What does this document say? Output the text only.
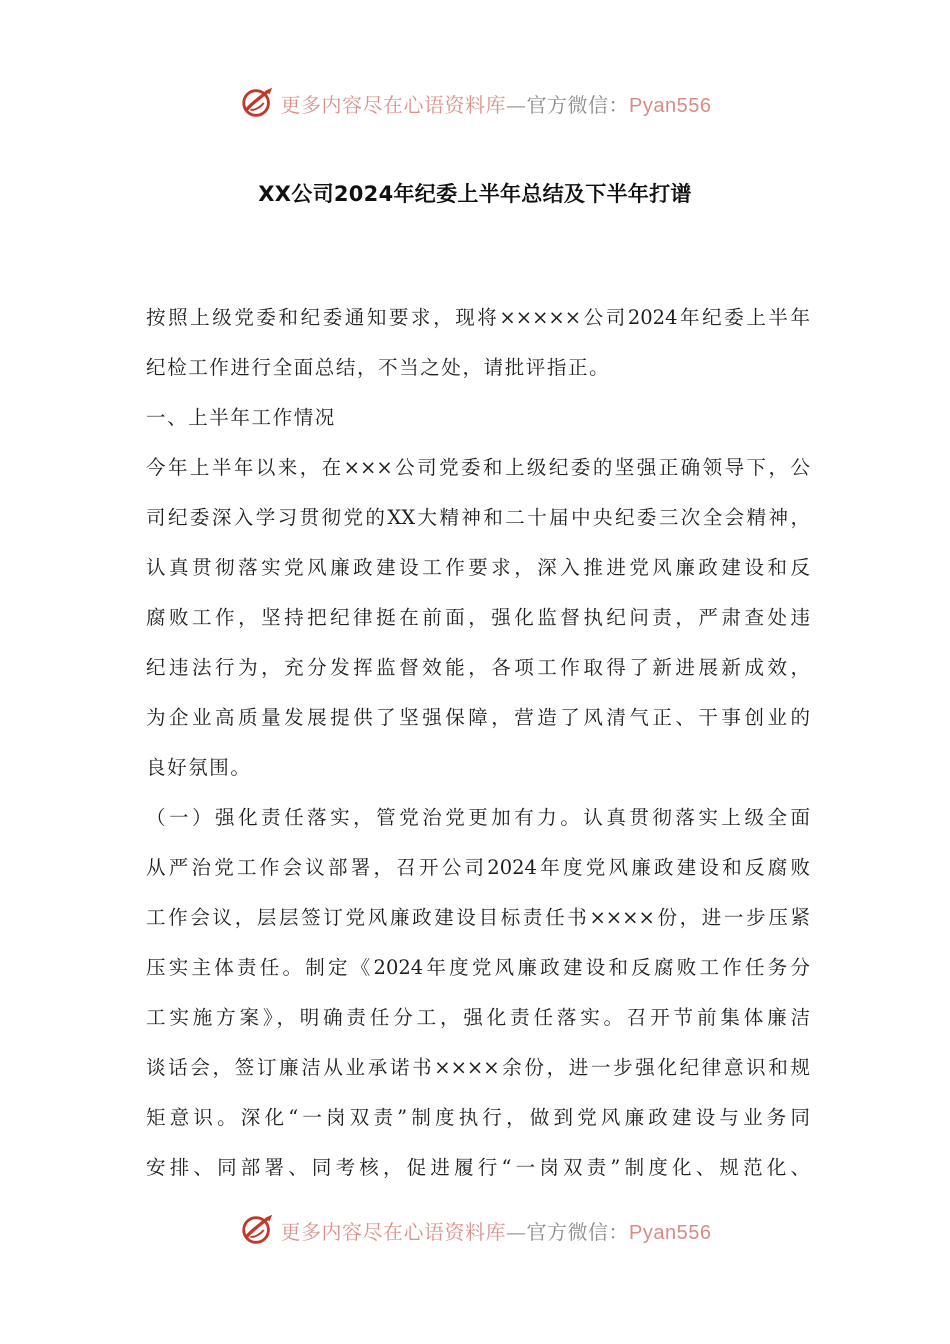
更多内容尽在心语资料库—官方微信：Pyan556
XX公司2024年纪委上半年总结及下半年打谱
按照上级党委和纪委通知要求，现将×××××公司2024年纪委上半年
纪检工作进行全面总结，不当之处，请批评指正。
一、上半年工作情况
今年上半年以来，在×××公司党委和上级纪委的坚强正确领导下，公
司纪委深入学习贯彻党的XX大精神和二十届中央纪委三次全会精神，
认真贯彻落实党风廉政建设工作要求，深入推进党风廉政建设和反
腐败工作，坚持把纪律挺在前面，强化监督执纪问责，严肃查处违
纪违法行为，充分发挥监督效能，各项工作取得了新进展新成效，
为企业高质量发展提供了坚强保障，营造了风清气正、干事创业的
良好氛围。
（一）强化责任落实，管党治党更加有力。认真贯彻落实上级全面
从严治党工作会议部署，召开公司2024年度党风廉政建设和反腐败
工作会议，层层签订党风廉政建设目标责任书××××份，进一步压紧
压实主体责任。制定《2024年度党风廉政建设和反腐败工作任务分
工实施方案》，明确责任分工，强化责任落实。召开节前集体廉洁
谈话会，签订廉洁从业承诺书××××余份，进一步强化纪律意识和规
矩意识。深化“一岗双责”制度执行，做到党风廉政建设与业务同
安排、同部署、同考核，促进履行“一岗双责”制度化、规范化、
更多内容尽在心语资料库—官方微信：Pyan556
